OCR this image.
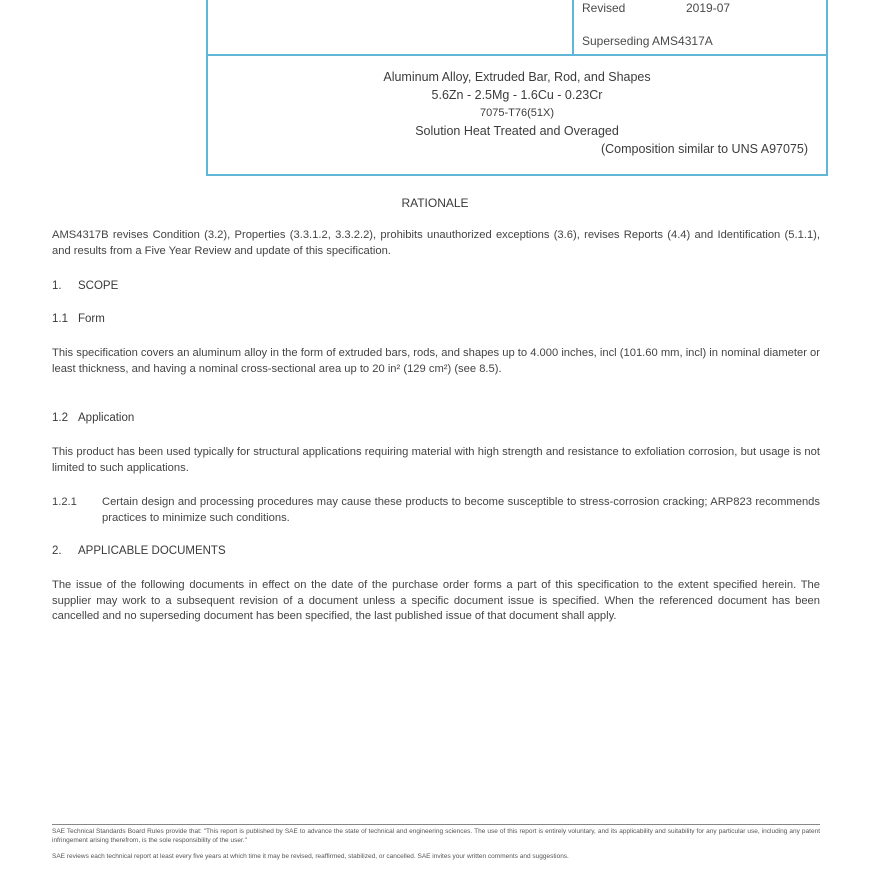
Revised	2019-07
Superseding AMS4317A
Aluminum Alloy, Extruded Bar, Rod, and Shapes
5.6Zn - 2.5Mg - 1.6Cu - 0.23Cr
7075-T76(51X)
Solution Heat Treated and Overaged
(Composition similar to UNS A97075)
RATIONALE
AMS4317B revises Condition (3.2), Properties (3.3.1.2, 3.3.2.2), prohibits unauthorized exceptions (3.6), revises Reports (4.4) and Identification (5.1.1), and results from a Five Year Review and update of this specification.
1. SCOPE
1.1 Form
This specification covers an aluminum alloy in the form of extruded bars, rods, and shapes up to 4.000 inches, incl (101.60 mm, incl) in nominal diameter or least thickness, and having a nominal cross-sectional area up to 20 in² (129 cm²) (see 8.5).
1.2 Application
This product has been used typically for structural applications requiring material with high strength and resistance to exfoliation corrosion, but usage is not limited to such applications.
1.2.1 Certain design and processing procedures may cause these products to become susceptible to stress-corrosion cracking; ARP823 recommends practices to minimize such conditions.
2. APPLICABLE DOCUMENTS
The issue of the following documents in effect on the date of the purchase order forms a part of this specification to the extent specified herein. The supplier may work to a subsequent revision of a document unless a specific document issue is specified. When the referenced document has been cancelled and no superseding document has been specified, the last published issue of that document shall apply.
SAE Technical Standards Board Rules provide that: "This report is published by SAE to advance the state of technical and engineering sciences. The use of this report is entirely voluntary, and its applicability and suitability for any particular use, including any patent infringement arising therefrom, is the sole responsibility of the user."
SAE reviews each technical report at least every five years at which time it may be revised, reaffirmed, stabilized, or cancelled. SAE invites your written comments and suggestions.
